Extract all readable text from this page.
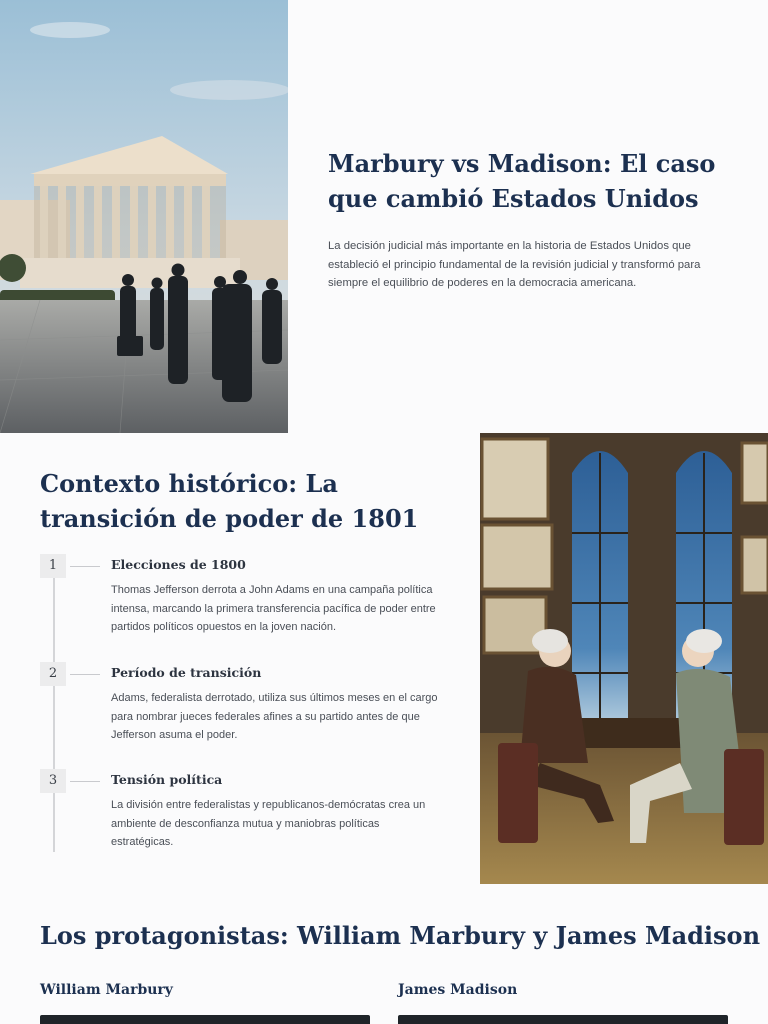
Marbury vs Madison: El caso que cambió Estados Unidos

La decisión judicial más importante en la historia de Estados Unidos que estableció el principio fundamental de la revisión judicial y transformó para siempre el equilibrio de poderes en la democracia americana.

Contexto histórico: La transición de poder de 1801
1	Elecciones de 1800
Thomas Jefferson derrota a John Adams en una campaña política intensa, marcando la primera transferencia pacífica de poder entre partidos políticos opuestos en la joven nación.
2	Período de transición
Adams, federalista derrotado, utiliza sus últimos meses en el cargo para nombrar jueces federales afines a su partido antes de que Jefferson asuma el poder.
3	Tensión política
La división entre federalistas y republicanos-demócratas crea un ambiente de desconfianza mutua y maniobras políticas estratégicas.
Los protagonistas: William Marbury y James Madison
William Marbury	James Madison
